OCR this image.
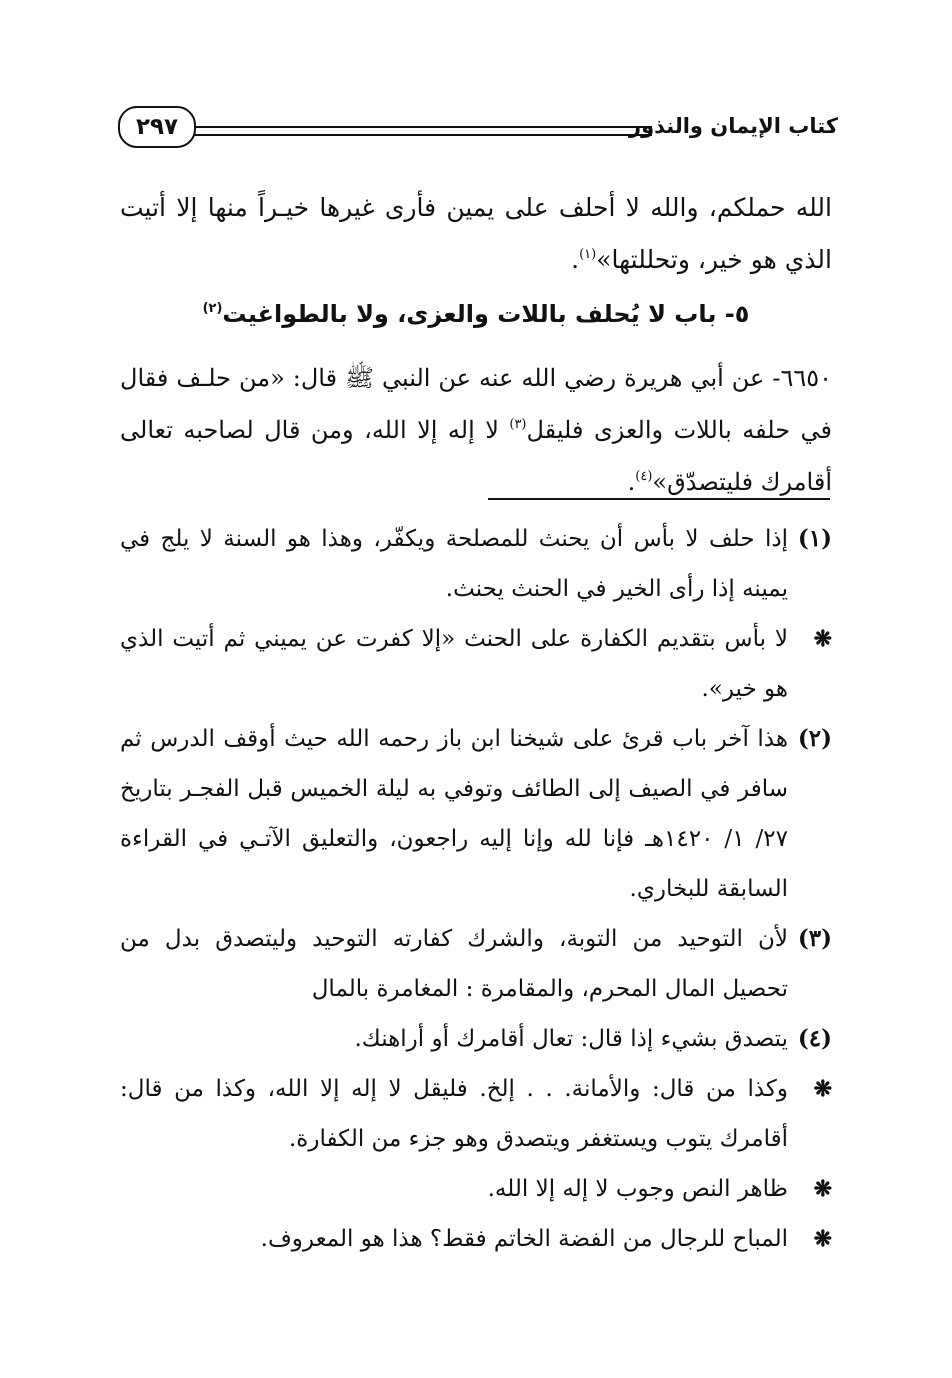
كتاب الإيمان والنذور
٢٩٧
الله حملكم، والله لا أحلف على يمين فأرى غيرها خيـراً منها إلا أتيت الذي هو خير، وتحللتها»$^{(١)}$.
٥- باب لا يُحلف باللات والعزى، ولا بالطواغيت$^{(٢)}$
٦٦٥٠- عن أبي هريرة رضي الله عنه عن النبي ﷺ قال: «من حلـف فقال في حلفه باللات والعزى فليقل$^{(٣)}$ لا إله إلا الله، ومن قال لصاحبه تعالى أقامرك فليتصدّق»$^{(٤)}$.
(١)
إذا حلف لا بأس أن يحنث للمصلحة ويكفّر، وهذا هو السنة لا يلج في يمينه إذا رأى الخير في الحنث يحنث.
❋
لا بأس بتقديم الكفارة على الحنث «إلا كفرت عن يميني ثم أتيت الذي هو خير».
(٢)
هذا آخر باب قرئ على شيخنا ابن باز رحمه الله حيث أوقف الدرس ثم سافر في الصيف إلى الطائف وتوفي به ليلة الخميس قبل الفجـر بتاريخ ٢٧/ ١/ ١٤٢٠هـ فإنا لله وإنا إليه راجعون، والتعليق الآتـي في القراءة السابقة للبخاري.
(٣)
لأن التوحيد من التوبة، والشرك كفارته التوحيد وليتصدق بدل من تحصيل المال المحرم، والمقامرة : المغامرة بالمال
(٤)
يتصدق بشيء إذا قال: تعال أقامرك أو أراهنك.
❋
وكذا من قال: والأمانة. . . إلخ. فليقل لا إله إلا الله، وكذا من قال: أقامرك يتوب ويستغفر ويتصدق وهو جزء من الكفارة.
❋
ظاهر النص وجوب لا إله إلا الله.
❋
المباح للرجال من الفضة الخاتم فقط؟ هذا هو المعروف.
